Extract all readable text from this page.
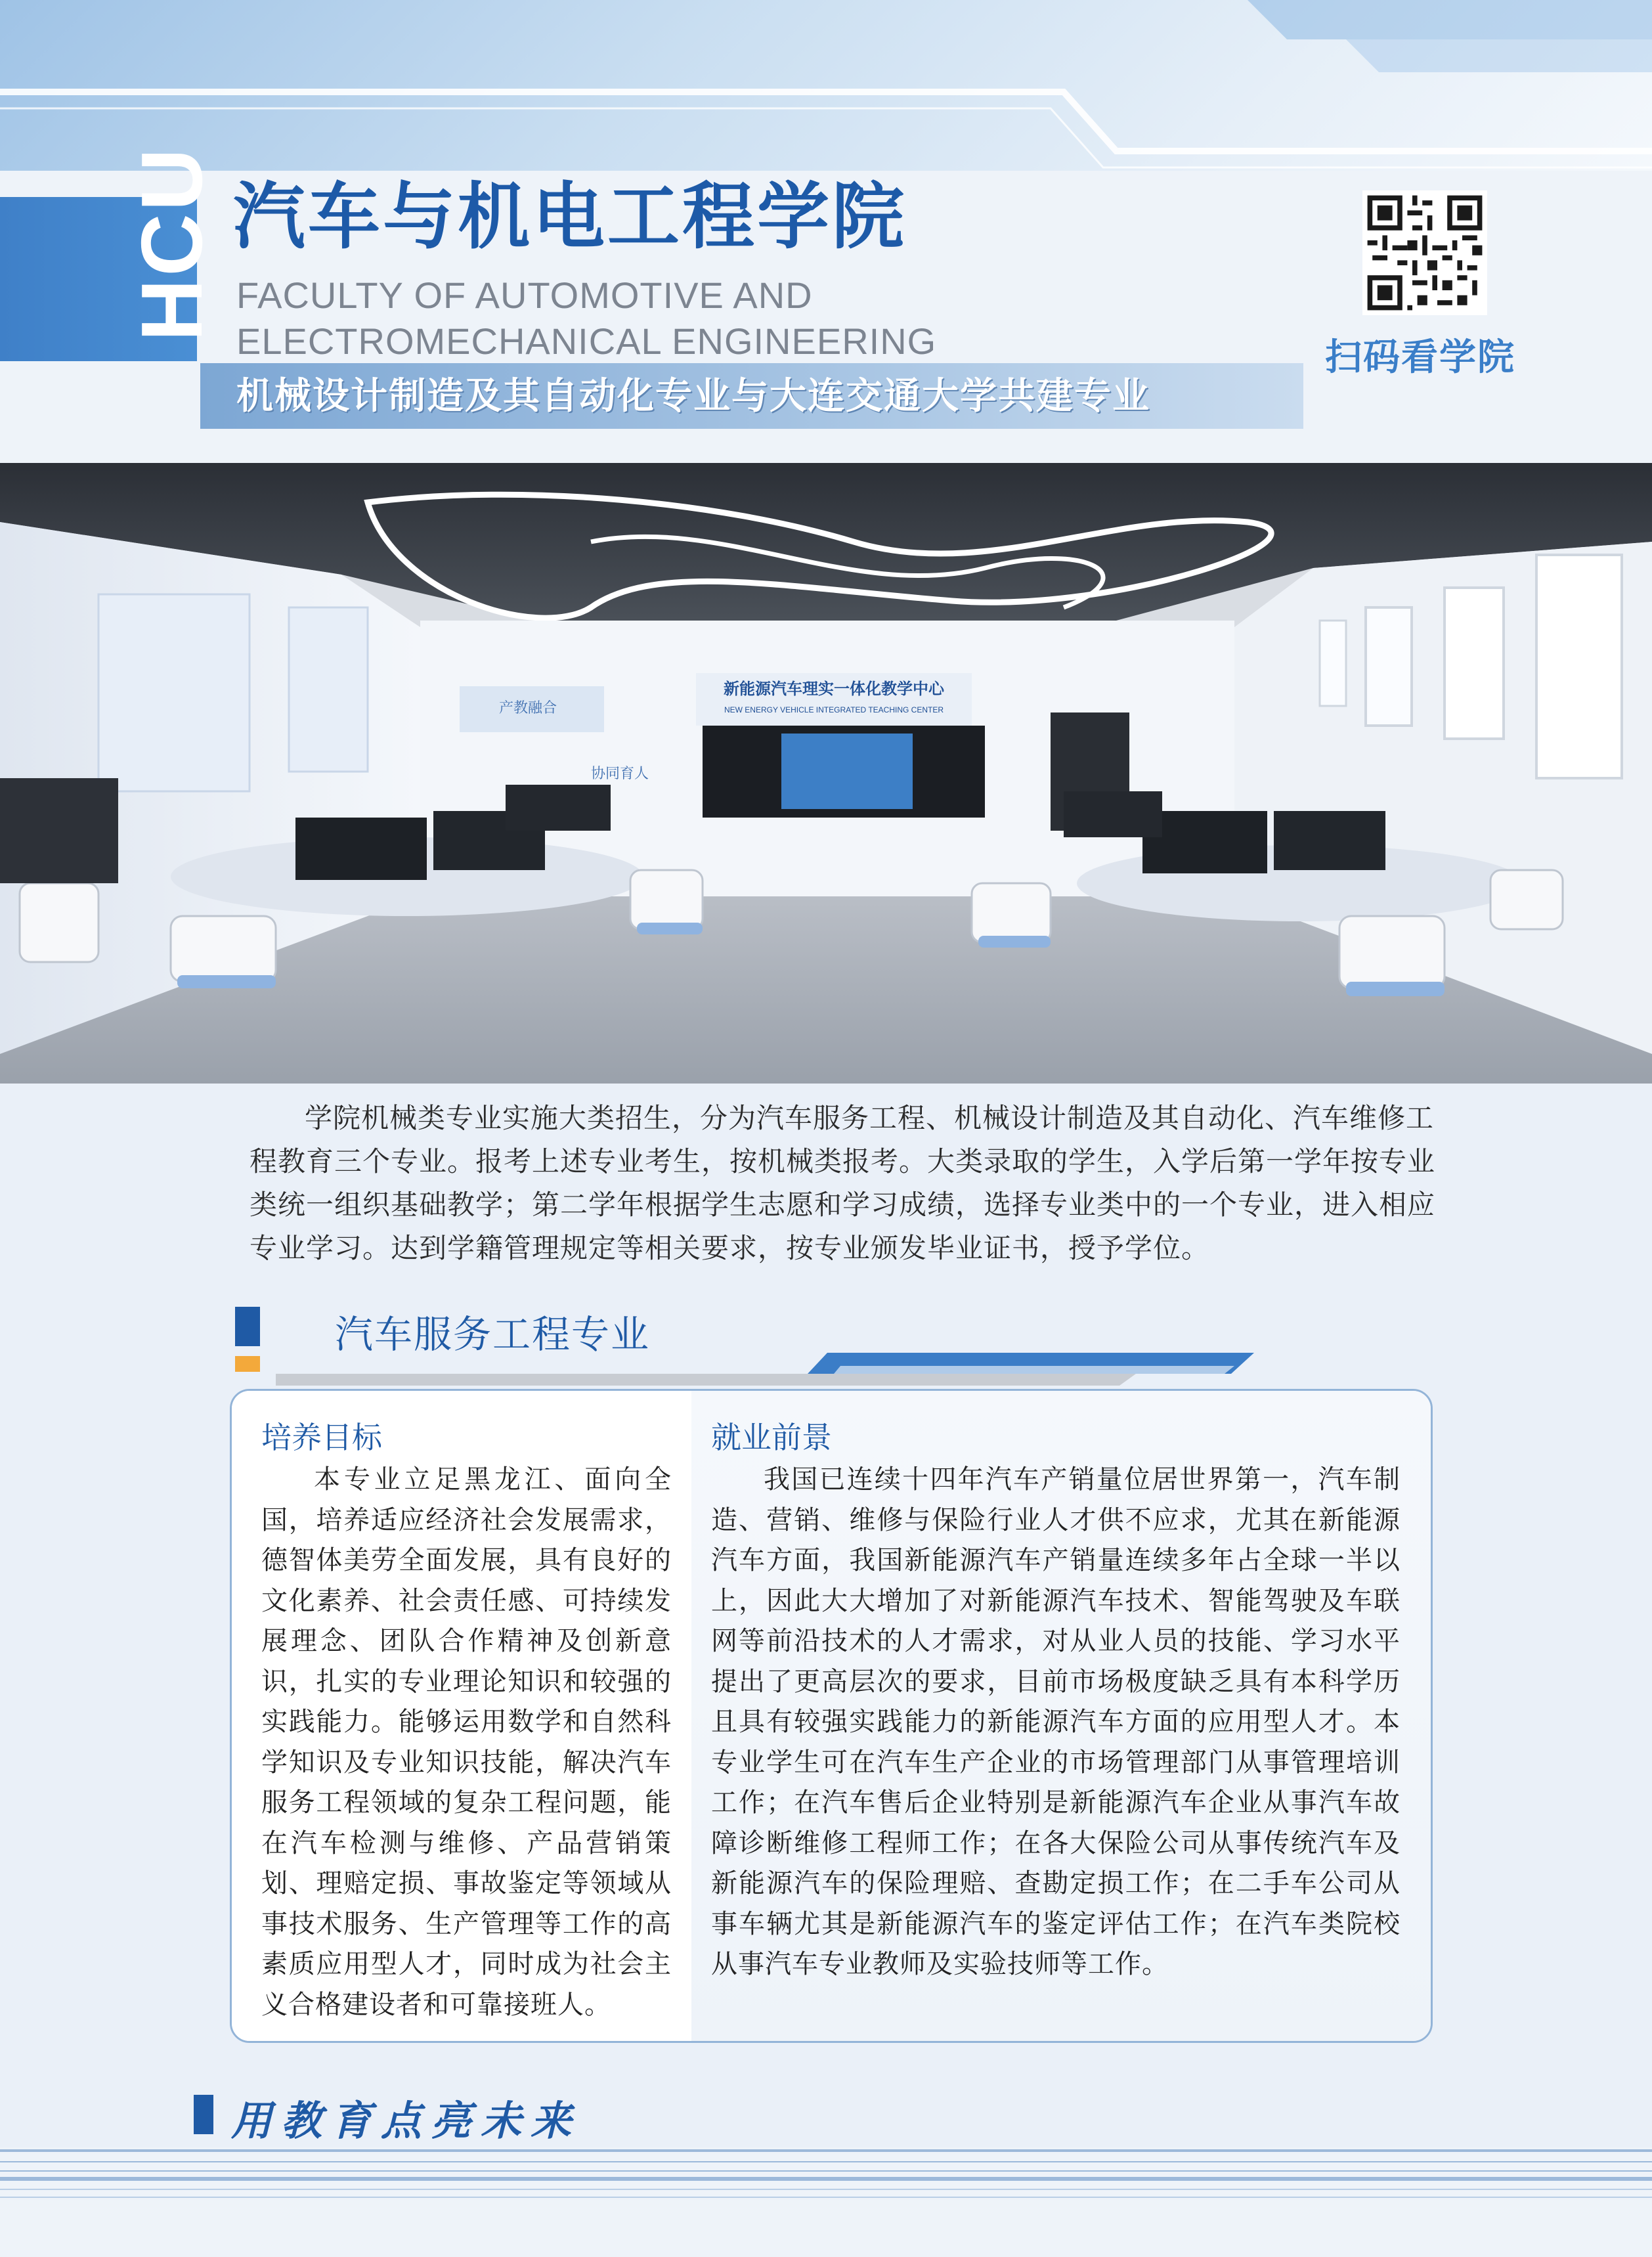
HCU 汽车与机电工程学院
FACULTY OF AUTOMOTIVE AND
ELECTROMECHANICAL ENGINEERING
机械设计制造及其自动化专业与大连交通大学共建专业
扫码看学院
新能源汽车理实一体化教学中心
NEW ENERGY VEHICLE INTEGRATED TEACHING CENTER
产教融合
协同育人
学院机械类专业实施大类招生，分为汽车服务工程、机械设计制造及其自动化、汽车维修工程教育三个专业。报考上述专业考生，按机械类报考。大类录取的学生，入学后第一学年按专业类统一组织基础教学；第二学年根据学生志愿和学习成绩，选择专业类中的一个专业，进入相应专业学习。达到学籍管理规定等相关要求，按专业颁发毕业证书，授予学位。
汽车服务工程专业
培养目标
本专业立足黑龙江、面向全国，培养适应经济社会发展需求，德智体美劳全面发展，具有良好的文化素养、社会责任感、可持续发展理念、团队合作精神及创新意识，扎实的专业理论知识和较强的实践能力。能够运用数学和自然科学知识及专业知识技能，解决汽车服务工程领域的复杂工程问题，能在汽车检测与维修、产品营销策划、理赔定损、事故鉴定等领域从事技术服务、生产管理等工作的高素质应用型人才，同时成为社会主义合格建设者和可靠接班人。
就业前景
我国已连续十四年汽车产销量位居世界第一，汽车制造、营销、维修与保险行业人才供不应求，尤其在新能源汽车方面，我国新能源汽车产销量连续多年占全球一半以上，因此大大增加了对新能源汽车技术、智能驾驶及车联网等前沿技术的人才需求，对从业人员的技能、学习水平提出了更高层次的要求，目前市场极度缺乏具有本科学历且具有较强实践能力的新能源汽车方面的应用型人才。本专业学生可在汽车生产企业的市场管理部门从事管理培训工作；在汽车售后企业特别是新能源汽车企业从事汽车故障诊断维修工程师工作；在各大保险公司从事传统汽车及新能源汽车的保险理赔、查勘定损工作；在二手车公司从事车辆尤其是新能源汽车的鉴定评估工作；在汽车类院校从事汽车专业教师及实验技师等工作。
用教育点亮未来
